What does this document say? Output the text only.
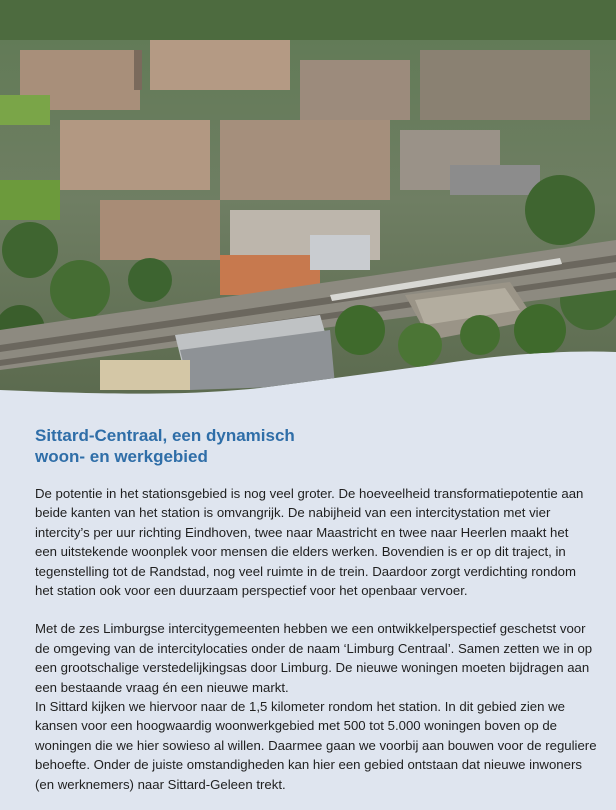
Sittard-Centraal, een dynamisch
woon- en werkgebied

De potentie in het stationsgebied is nog veel groter. De hoeveelheid transformatiepotentie aan
beide kanten van het station is omvangrijk. De nabijheid van een intercitystation met vier
intercity’s per uur richting Eindhoven, twee naar Maastricht en twee naar Heerlen maakt het
een uitstekende woonplek voor mensen die elders werken. Bovendien is er op dit traject, in
tegenstelling tot de Randstad, nog veel ruimte in de trein. Daardoor zorgt verdichting rondom
het station ook voor een duurzaam perspectief voor het openbaar vervoer.

Met de zes Limburgse intercitygemeenten hebben we een ontwikkelperspectief geschetst voor
de omgeving van de intercitylocaties onder de naam ‘Limburg Centraal’. Samen zetten we in op
een grootschalige verstedelijkingsas door Limburg. De nieuwe woningen moeten bijdragen aan
een bestaande vraag én een nieuwe markt.
In Sittard kijken we hiervoor naar de 1,5 kilometer rondom het station. In dit gebied zien we
kansen voor een hoogwaardig woonwerkgebied met 500 tot 5.000 woningen boven op de
woningen die we hier sowieso al willen. Daarmee gaan we voorbij aan bouwen voor de reguliere
behoefte. Onder de juiste omstandigheden kan hier een gebied ontstaan dat nieuwe inwoners
(en werknemers) naar Sittard-Geleen trekt.
